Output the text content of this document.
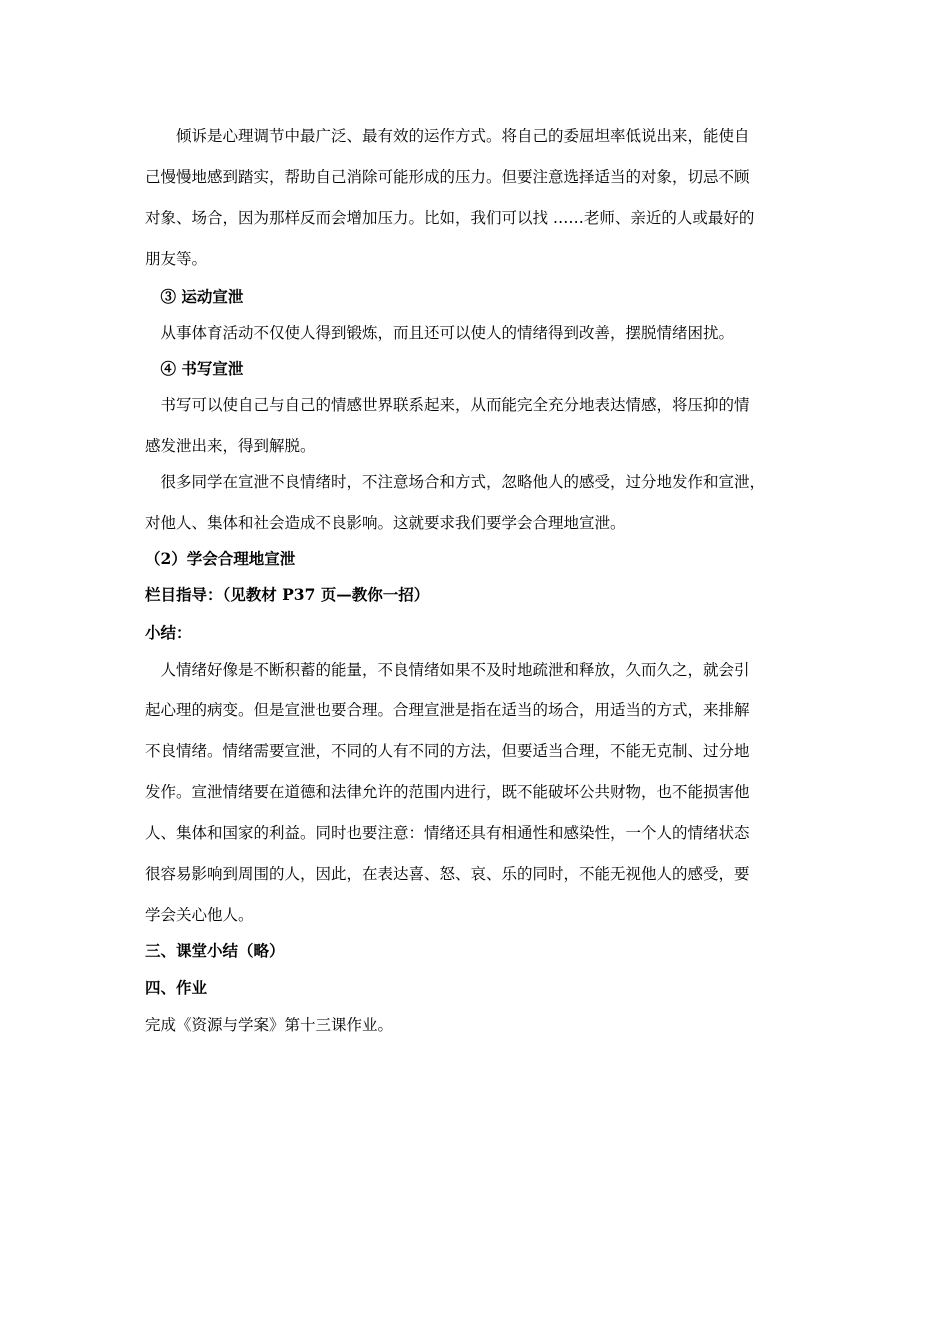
　　倾诉是心理调节中最广泛、最有效的运作方式。将自己的委屈坦率低说出来，能使自
己慢慢地感到踏实，帮助自己消除可能形成的压力。但要注意选择适当的对象，切忌不顾
对象、场合，因为那样反而会增加压力。比如，我们可以找 ……老师、亲近的人或最好的
朋友等。
　③ 运动宣泄
　从事体育活动不仅使人得到锻炼，而且还可以使人的情绪得到改善，摆脱情绪困扰。
　④ 书写宣泄
　书写可以使自己与自己的情感世界联系起来，从而能完全充分地表达情感，将压抑的情
感发泄出来，得到解脱。
　很多同学在宣泄不良情绪时，不注意场合和方式，忽略他人的感受，过分地发作和宣泄，
对他人、集体和社会造成不良影响。这就要求我们要学会合理地宣泄。
（2）学会合理地宣泄
栏目指导：（见教材 P37 页—教你一招）
小结：
　人情绪好像是不断积蓄的能量，不良情绪如果不及时地疏泄和释放，久而久之，就会引
起心理的病变。但是宣泄也要合理。合理宣泄是指在适当的场合，用适当的方式，来排解
不良情绪。情绪需要宣泄，不同的人有不同的方法，但要适当合理，不能无克制、过分地
发作。宣泄情绪要在道德和法律允许的范围内进行，既不能破坏公共财物，也不能损害他
人、集体和国家的利益。同时也要注意：情绪还具有相通性和感染性，一个人的情绪状态
很容易影响到周围的人，因此，在表达喜、怒、哀、乐的同时，不能无视他人的感受，要
学会关心他人。
三、课堂小结（略）
四、作业
完成《资源与学案》第十三课作业。
